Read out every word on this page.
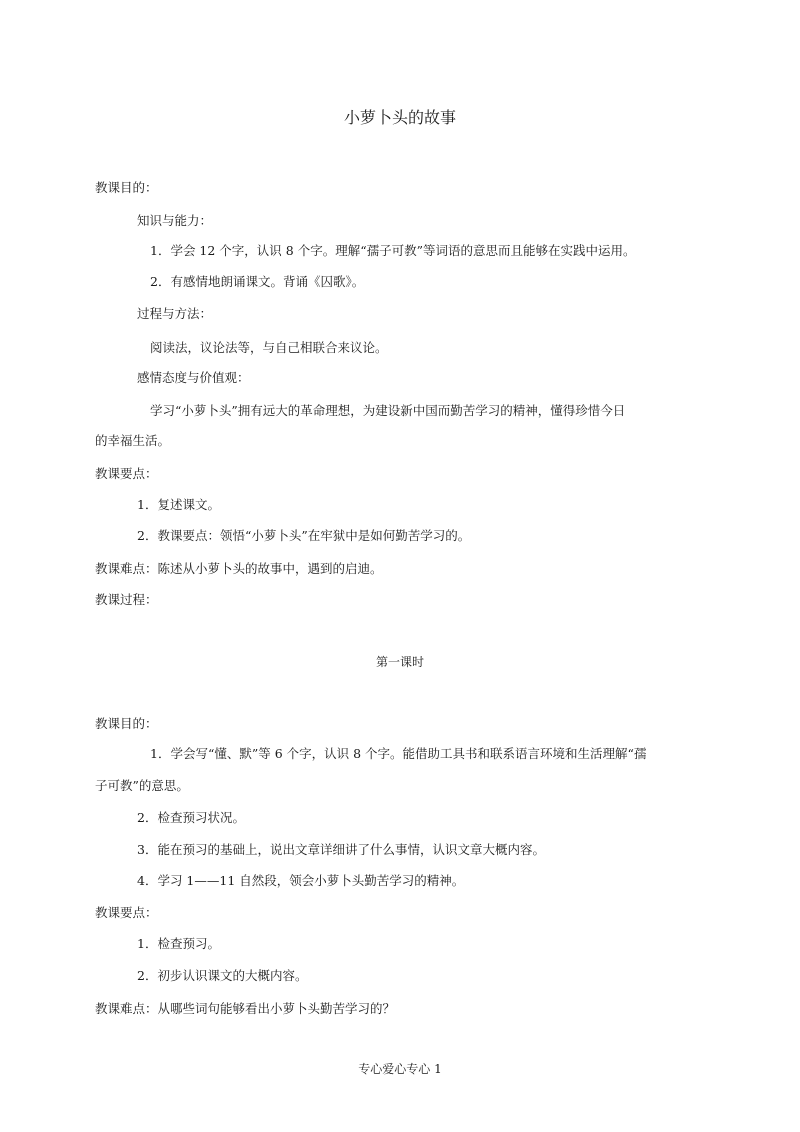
小萝卜头的故事
教课目的：
知识与能力：
1．学会 12 个字，认识 8 个字。理解“孺子可教”等词语的意思而且能够在实践中运用。
2．有感情地朗诵课文。背诵《囚歌》。
过程与方法：
阅读法，议论法等，与自己相联合来议论。
感情态度与价值观：
学习“小萝卜头”拥有远大的革命理想，为建设新中国而勤苦学习的精神，懂得珍惜今日
的幸福生活。
教课要点：
1．复述课文。
2．教课要点：领悟“小萝卜头”在牢狱中是如何勤苦学习的。
教课难点：陈述从小萝卜头的故事中，遇到的启迪。
教课过程：
第一课时
教课目的：
1．学会写“懂、默”等 6 个字，认识 8 个字。能借助工具书和联系语言环境和生活理解“孺
子可教”的意思。
2．检查预习状况。
3．能在预习的基础上，说出文章详细讲了什么事情，认识文章大概内容。
4．学习 1——11 自然段，领会小萝卜头勤苦学习的精神。
教课要点：
1．检查预习。
2．初步认识课文的大概内容。
教课难点：从哪些词句能够看出小萝卜头勤苦学习的？
专心爱心专心 1
